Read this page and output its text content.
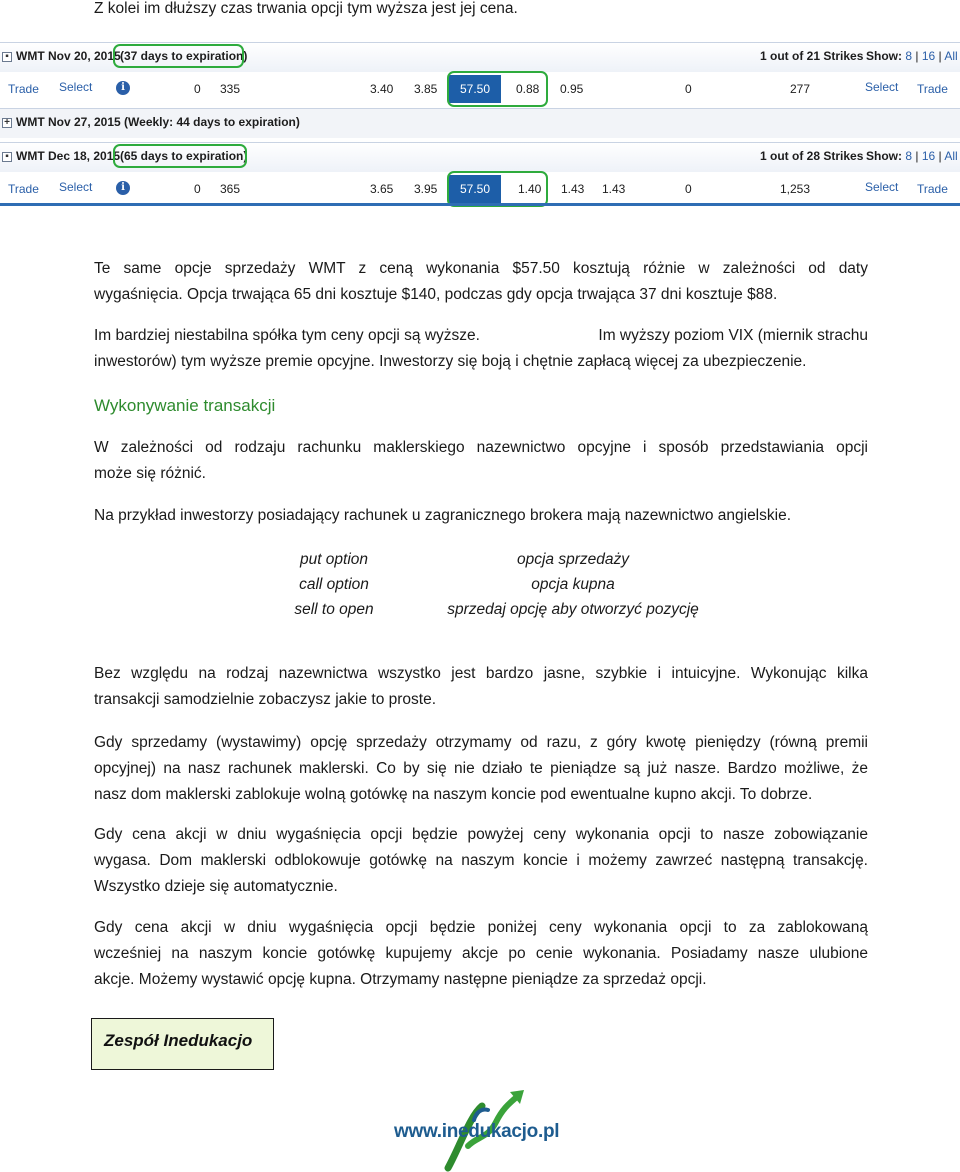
Z kolei im dłuższy czas trwania opcji tym wyższa jest jej cena.
▪ WMT Nov 20, 2015 (37 days to expiration)	1 out of 21 Strikes Show: 8 | 16 | All
Trade Select	i	0 335	3.40 3.85	57.50	0.88 0.95	0	277	Select Trade
+ WMT Nov 27, 2015 (Weekly: 44 days to expiration)
▪ WMT Dec 18, 2015 (65 days to expiration)	1 out of 28 Strikes Show: 8 | 16 | All
Trade Select	i	0 365	3.65 3.95	57.50	1.40 1.43 1.43	0	1,253	Select Trade
Te same opcje sprzedaży WMT z ceną wykonania $57.50 kosztują różnie w zależności od daty
wygaśnięcia. Opcja trwająca 65 dni kosztuje $140, podczas gdy opcja trwająca 37 dni kosztuje $88.
Im bardziej niestabilna spółka tym ceny opcji są wyższe.	Im wyższy poziom VIX (miernik strachu
inwestorów) tym wyższe premie opcyjne. Inwestorzy się boją i chętnie zapłacą więcej za ubezpieczenie.
Wykonywanie transakcji
W zależności od rodzaju rachunku maklerskiego nazewnictwo opcyjne i sposób przedstawiania opcji
może się różnić.
Na przykład inwestorzy posiadający rachunek u zagranicznego brokera mają nazewnictwo angielskie.
put option	opcja sprzedaży
call option	opcja kupna
sell to open	sprzedaj opcję aby otworzyć pozycję
Bez względu na rodzaj nazewnictwa wszystko jest bardzo jasne, szybkie i intuicyjne. Wykonując kilka
transakcji samodzielnie zobaczysz jakie to proste.
Gdy sprzedamy (wystawimy) opcję sprzedaży otrzymamy od razu, z góry kwotę pieniędzy (równą premii
opcyjnej) na nasz rachunek maklerski. Co by się nie działo te pieniądze są już nasze. Bardzo możliwe, że
nasz dom maklerski zablokuje wolną gotówkę na naszym koncie pod ewentualne kupno akcji. To dobrze.
Gdy cena akcji w dniu wygaśnięcia opcji będzie powyżej ceny wykonania opcji to nasze zobowiązanie
wygasa. Dom maklerski odblokowuje gotówkę na naszym koncie i możemy zawrzeć następną transakcję.
Wszystko dzieje się automatycznie.
Gdy cena akcji w dniu wygaśnięcia opcji będzie poniżej ceny wykonania opcji to za zablokowaną
wcześniej na naszym koncie gotówkę kupujemy akcje po cenie wykonania. Posiadamy nasze ulubione
akcje. Możemy wystawić opcję kupna. Otrzymamy następne pieniądze za sprzedaż opcji.
Zespół Inedukacjo
www.inedukacjo.pl
